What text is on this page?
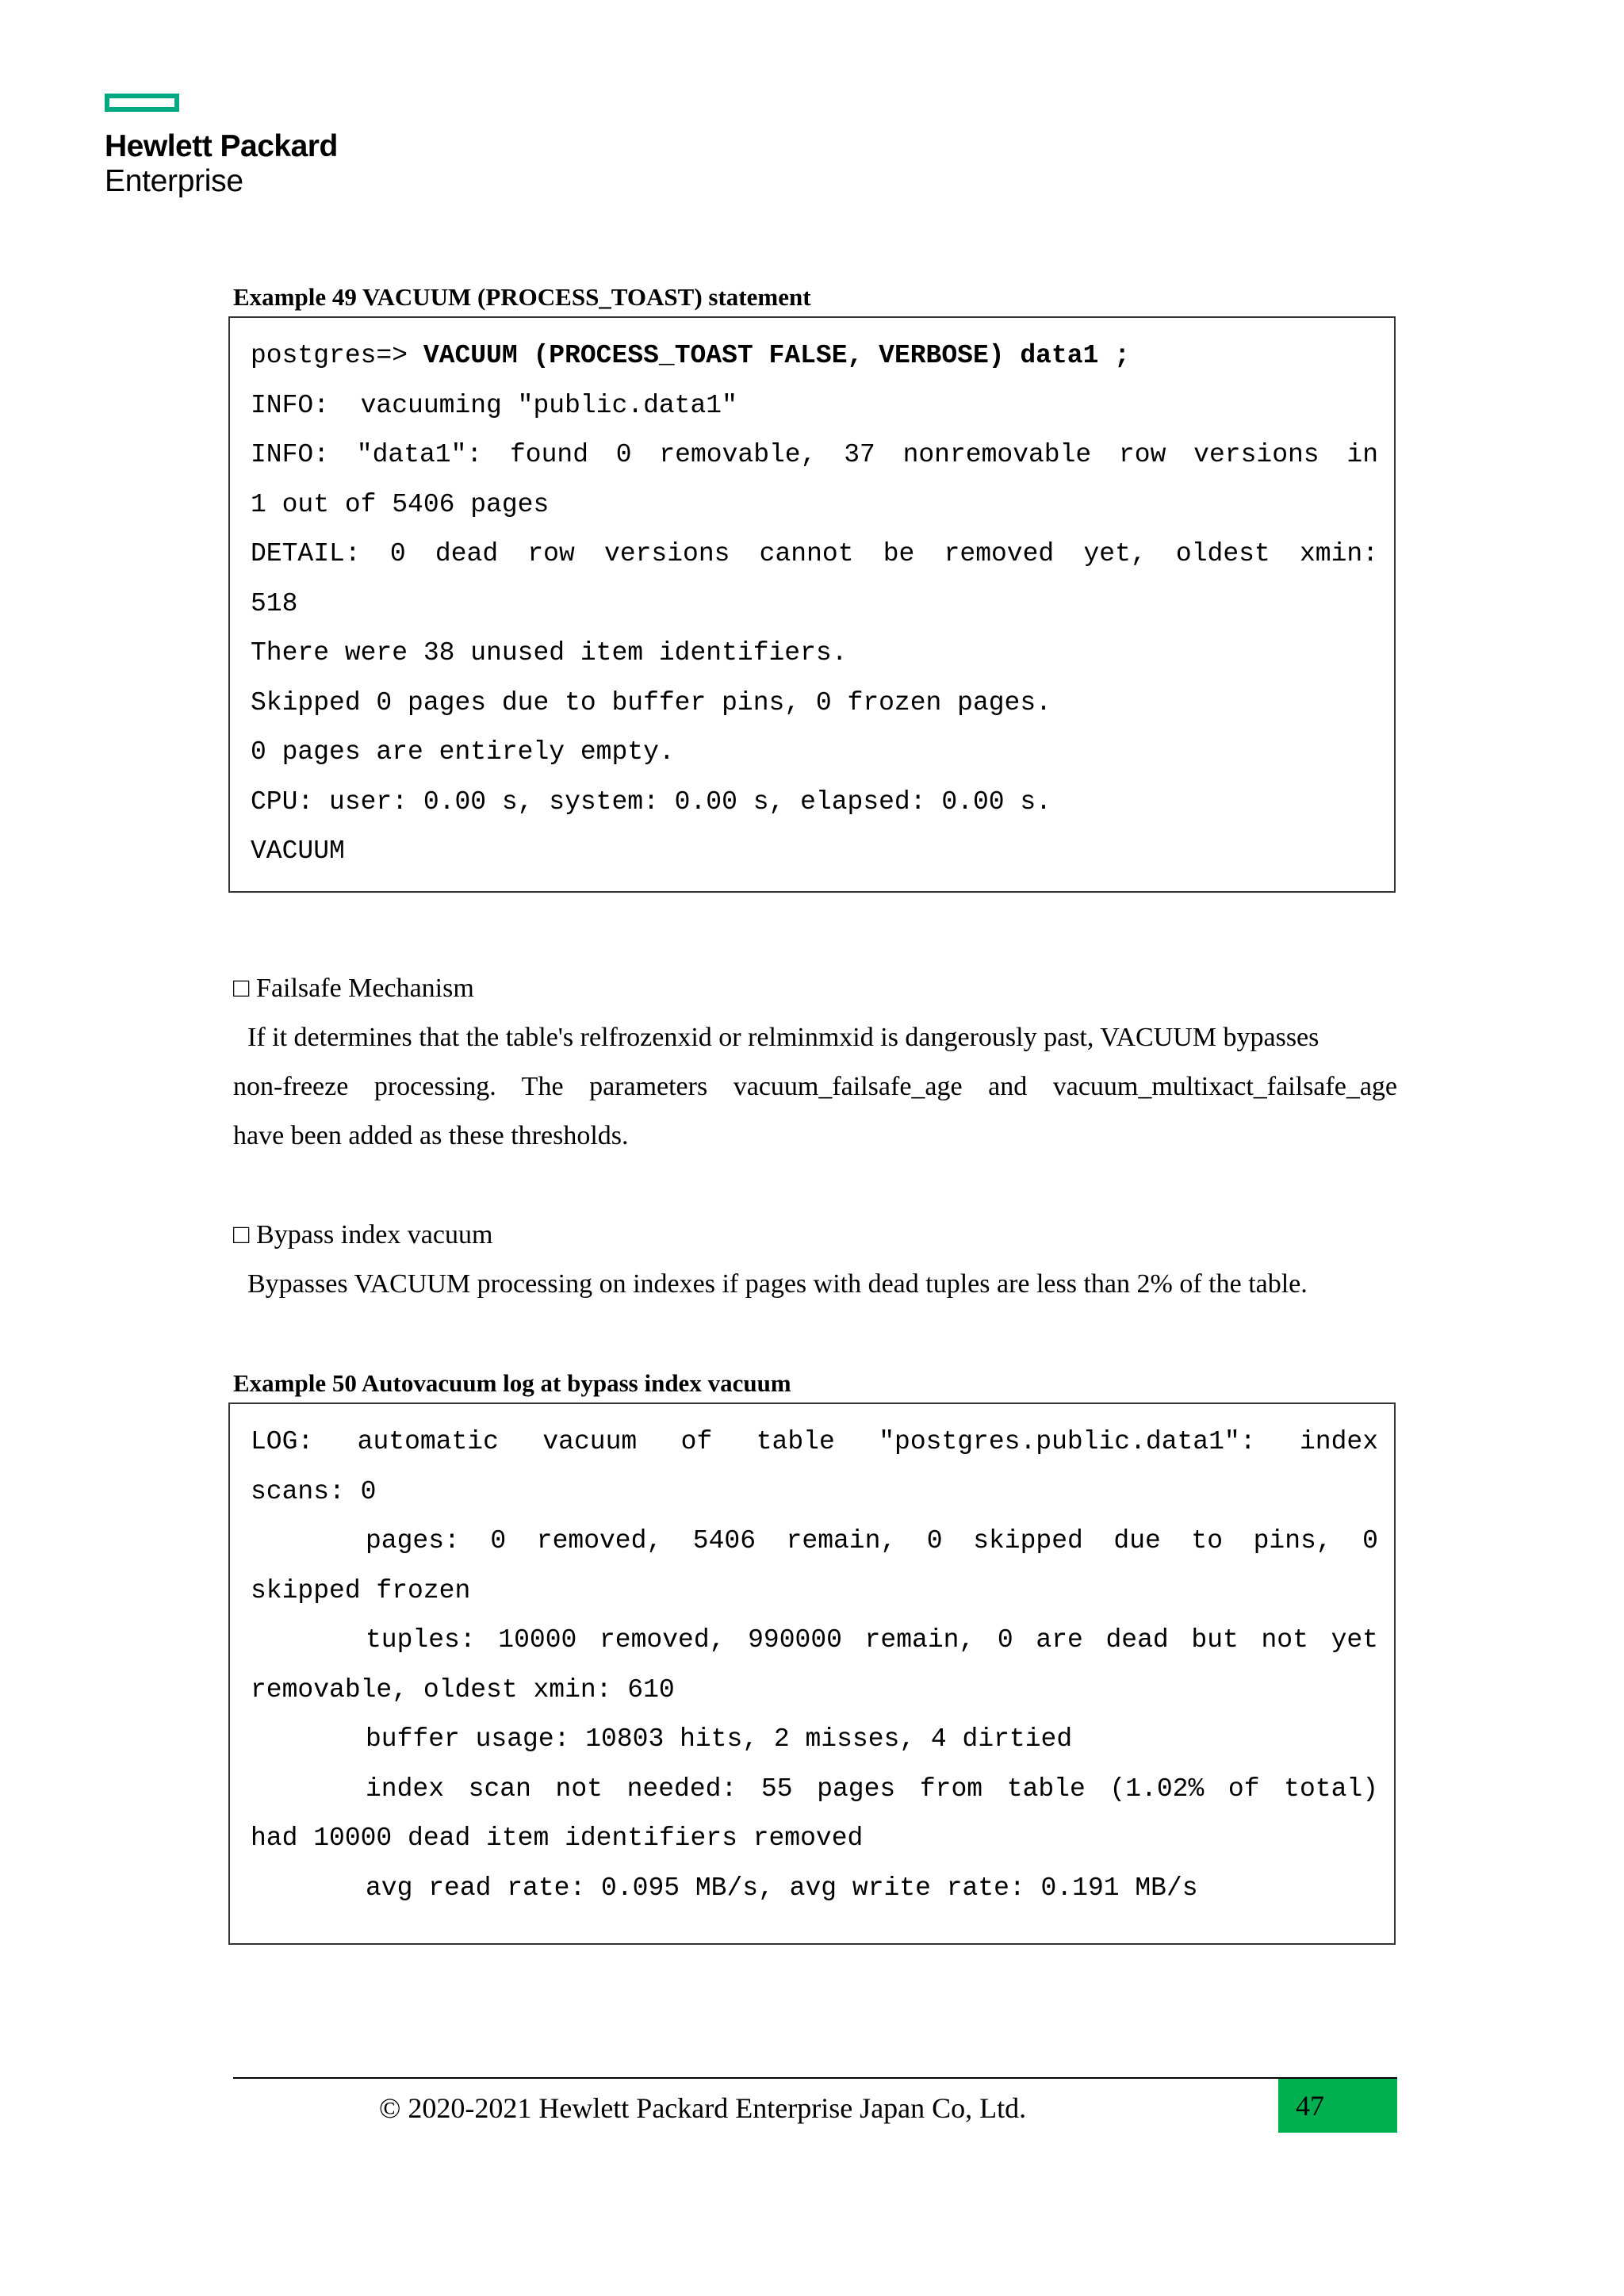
Hewlett Packard
Enterprise
Example 49 VACUUM (PROCESS_TOAST) statement
postgres=> VACUUM (PROCESS_TOAST FALSE, VERBOSE) data1 ;
INFO:  vacuuming "public.data1"
INFO: "data1": found 0 removable, 37 nonremovable row versions in
1 out of 5406 pages
DETAIL: 0 dead row versions cannot be removed yet, oldest xmin:
518
There were 38 unused item identifiers.
Skipped 0 pages due to buffer pins, 0 frozen pages.
0 pages are entirely empty.
CPU: user: 0.00 s, system: 0.00 s, elapsed: 0.00 s.
VACUUM
□ Failsafe Mechanism
If it determines that the table's relfrozenxid or relminmxid is dangerously past, VACUUM bypasses
non-freeze processing. The parameters vacuum_failsafe_age and vacuum_multixact_failsafe_age
have been added as these thresholds.
□ Bypass index vacuum
Bypasses VACUUM processing on indexes if pages with dead tuples are less than 2% of the table.
Example 50 Autovacuum log at bypass index vacuum
LOG: automatic vacuum of table "postgres.public.data1": index
scans: 0
pages: 0 removed, 5406 remain, 0 skipped due to pins, 0
skipped frozen
tuples: 10000 removed, 990000 remain, 0 are dead but not yet
removable, oldest xmin: 610
buffer usage: 10803 hits, 2 misses, 4 dirtied
index scan not needed: 55 pages from table (1.02% of total)
had 10000 dead item identifiers removed
avg read rate: 0.095 MB/s, avg write rate: 0.191 MB/s
© 2020-2021 Hewlett Packard Enterprise Japan Co, Ltd.	47
